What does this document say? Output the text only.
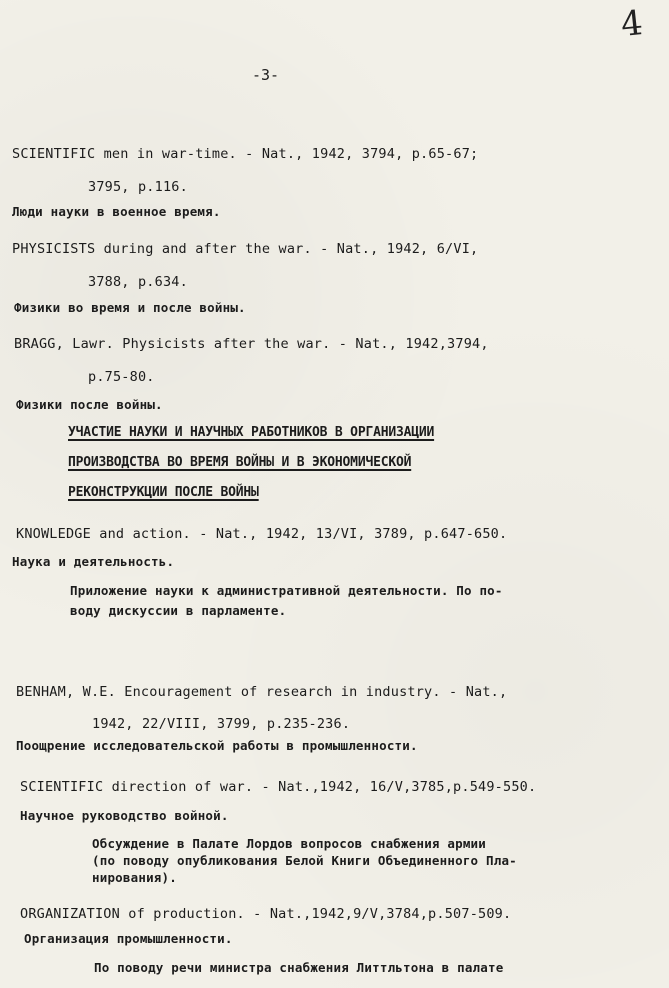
4
-3-
SCIENTIFIC men in war-time. - Nat., 1942, 3794, p.65-67;
3795, p.116.
Люди науки в военное время.
PHYSICISTS during and after the war. - Nat., 1942, 6/VI,
3788, p.634.
Физики во время и после войны.
BRAGG, Lawr. Physicists after the war. - Nat., 1942,3794,
p.75-80.
Физики после войны.
УЧАСТИЕ НАУКИ И НАУЧНЫХ РАБОТНИКОВ В ОРГАНИЗАЦИИ
ПРОИЗВОДСТВА ВО ВРЕМЯ ВОЙНЫ И В ЭКОНОМИЧЕСКОЙ
РЕКОНСТРУКЦИИ ПОСЛЕ ВОЙНЫ
KNOWLEDGE and action. - Nat., 1942, 13/VI, 3789, p.647-650.
Наука и деятельность.
Приложение науки к административной деятельности. По по-
воду дискуссии в парламенте.
BENHAM, W.E. Encouragement of research in industry. - Nat.,
1942, 22/VIII, 3799, p.235-236.
Поощрение исследовательской работы в промышленности.
SCIENTIFIC direction of war. - Nat.,1942, 16/V,3785,p.549-550.
Научное руководство войной.
Обсуждение в Палате Лордов вопросов снабжения армии
(по поводу опубликования Белой Книги Объединенного Пла-
нирования).
ORGANIZATION of production. - Nat.,1942,9/V,3784,p.507-509.
Организация промышленности.
По поводу речи министра снабжения Литтльтона в палате
